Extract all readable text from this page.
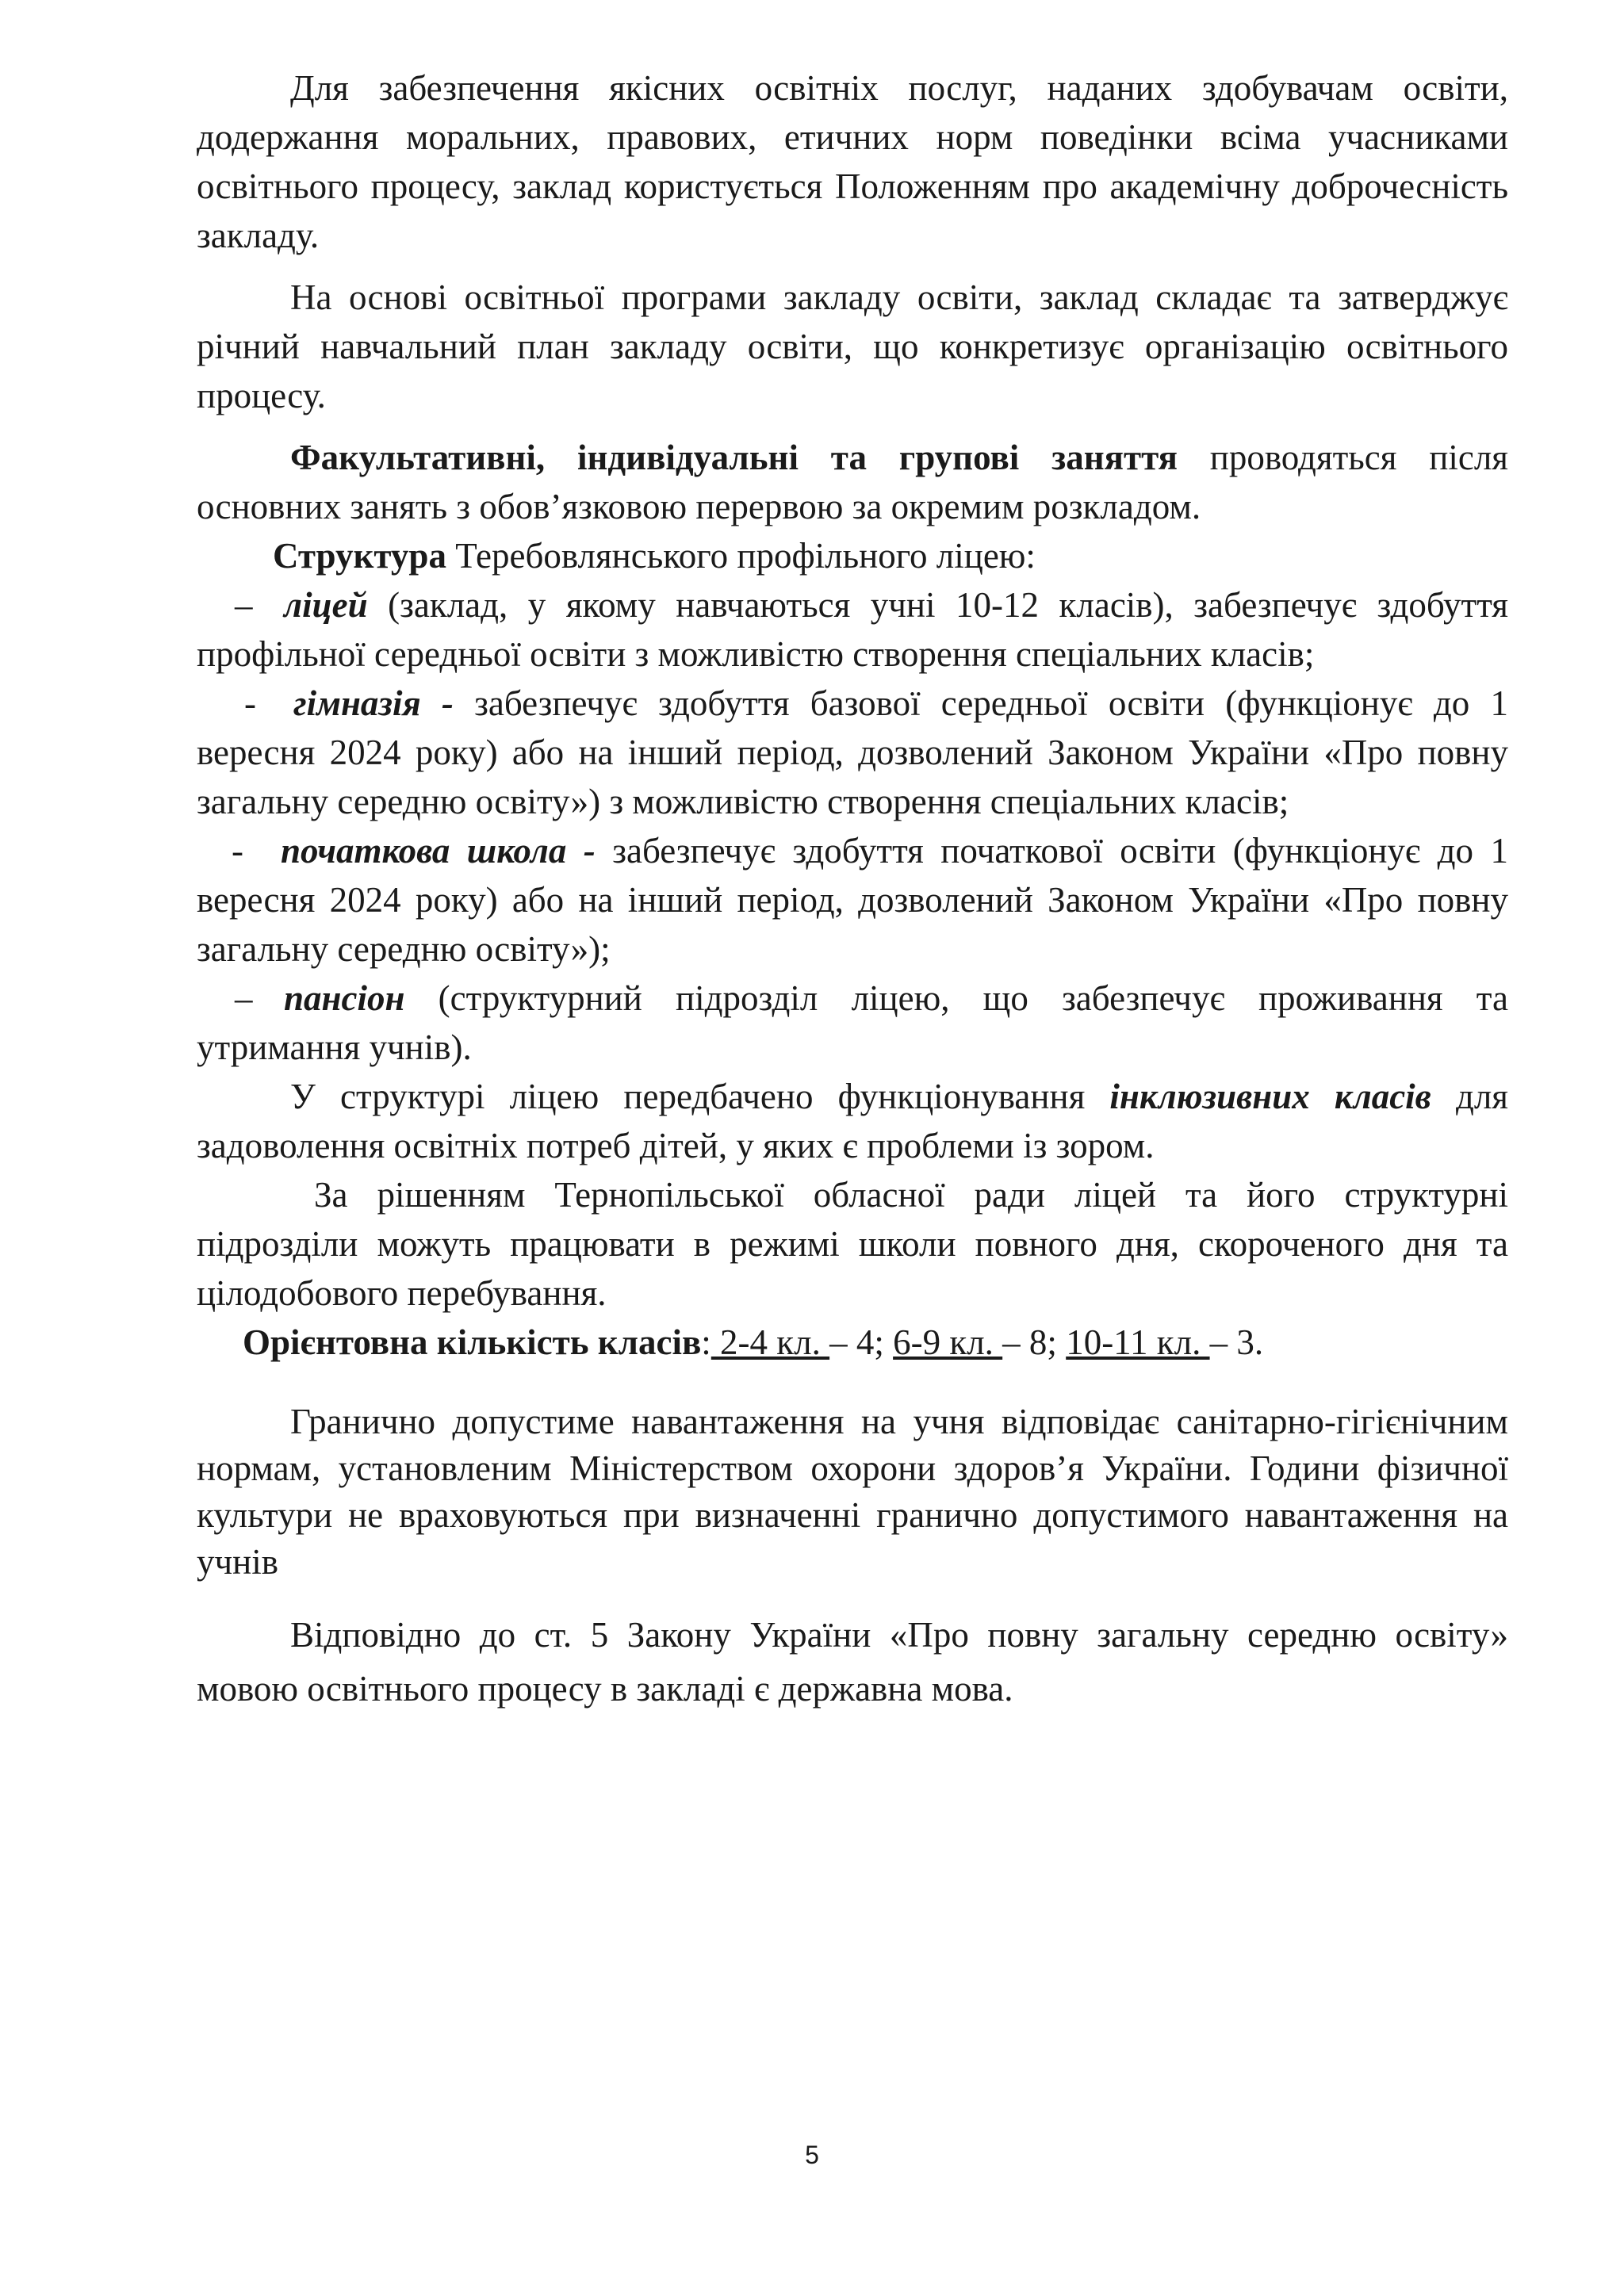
Для забезпечення якісних освітніх послуг, наданих здобувачам освіти, додержання моральних, правових, етичних норм поведінки всіма учасниками освітнього процесу, заклад користується Положенням про академічну доброчесність закладу.

На основі освітньої програми закладу освіти, заклад складає та затверджує річний навчальний план закладу освіти, що конкретизує організацію освітнього процесу.

Факультативні, індивідуальні та групові заняття проводяться після основних занять з обов’язковою перервою за окремим розкладом.

Структура Теребовлянського профільного ліцею:

– ліцей (заклад, у якому навчаються учні 10-12 класів), забезпечує здобуття профільної середньої освіти з можливістю створення спеціальних класів;

- гімназія - забезпечує здобуття базової середньої освіти (функціонує до 1 вересня 2024 року) або на інший період, дозволений Законом України «Про повну загальну середню освіту») з можливістю створення спеціальних класів;

- початкова школа - забезпечує здобуття початкової освіти (функціонує до 1 вересня 2024 року) або на інший період, дозволений Законом України «Про повну загальну середню освіту»);

– пансіон (структурний підрозділ ліцею, що забезпечує проживання та утримання учнів).

У структурі ліцею передбачено функціонування інклюзивних класів для задоволення освітніх потреб дітей, у яких є проблеми із зором.

За рішенням Тернопільської обласної ради ліцей та його структурні підрозділи можуть працювати в режимі школи повного дня, скороченого дня та цілодобового перебування.

Орієнтовна кількість класів: 2-4 кл. – 4; 6-9 кл. – 8; 10-11 кл. – 3.

Гранично допустиме навантаження на учня відповідає санітарно-гігієнічним нормам, установленим Міністерством охорони здоров’я України. Години фізичної культури не враховуються при визначенні гранично допустимого навантаження на учнів

Відповідно до ст. 5 Закону України «Про повну загальну середню освіту» мовою освітнього процесу в закладі є державна мова.

5
